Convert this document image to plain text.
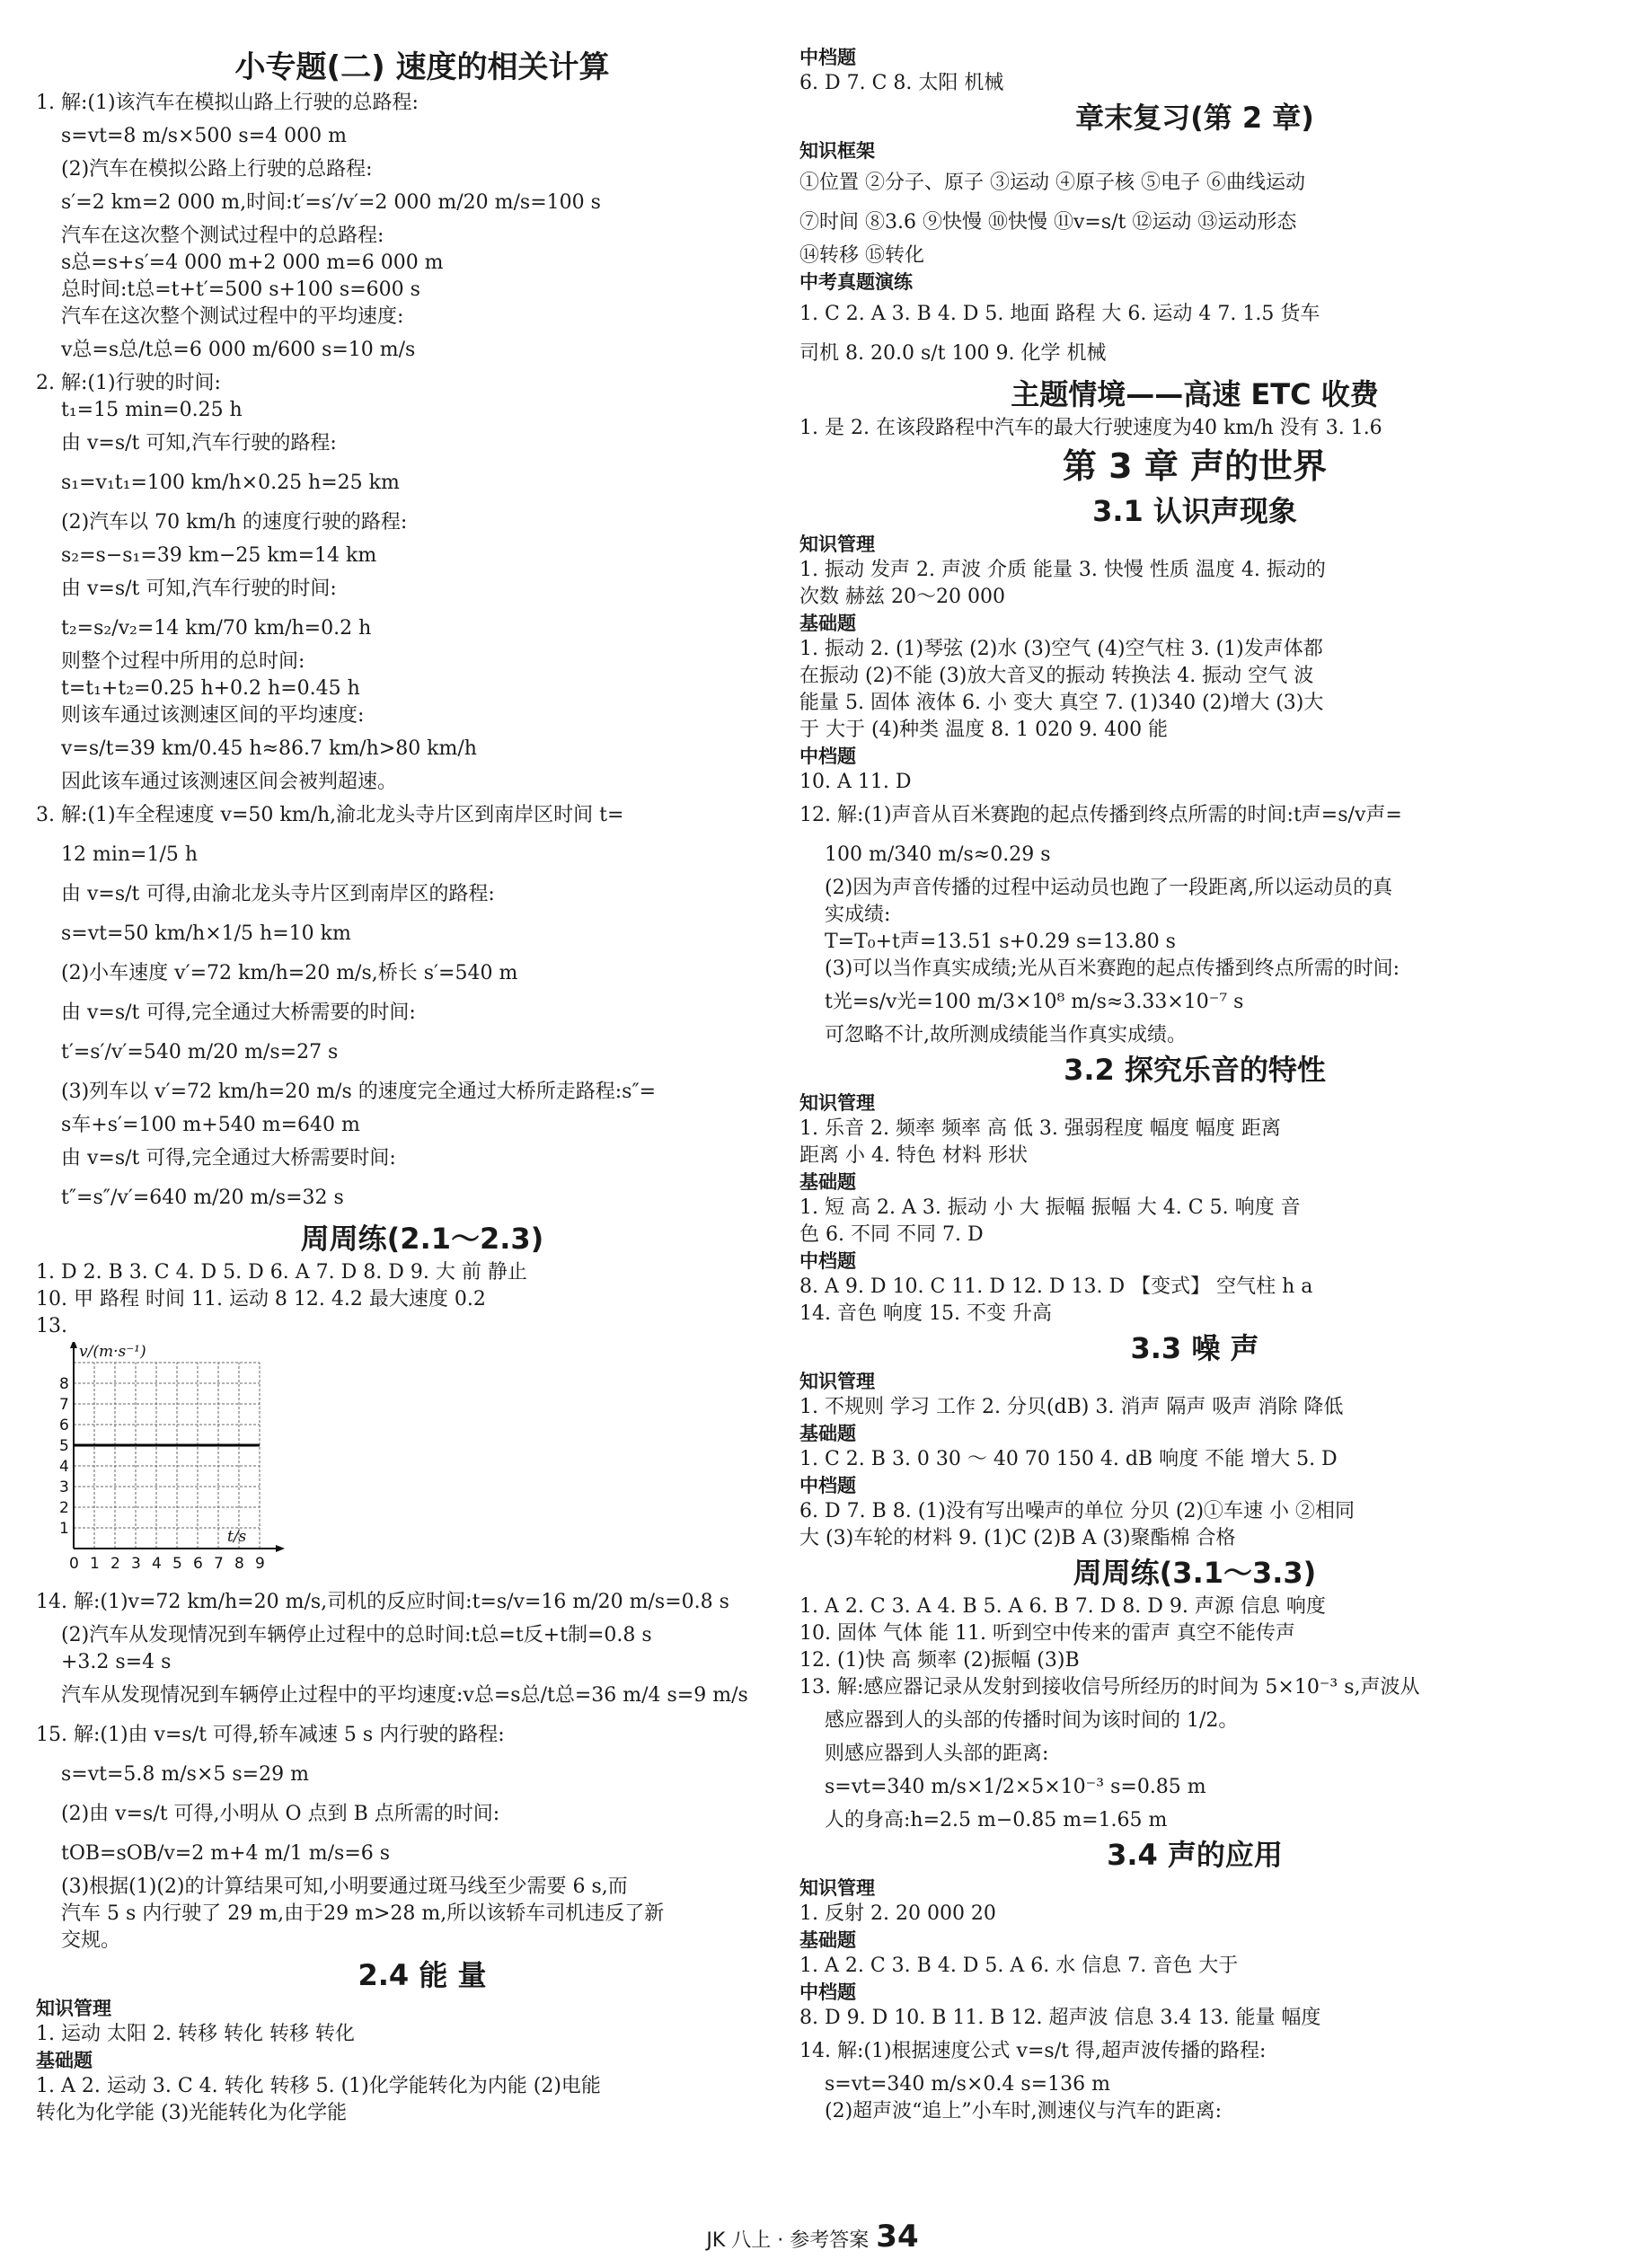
小专题(二) 速度的相关计算
1. 解:(1)该汽车在模拟山路上行驶的总路程:
s=vt=8 m/s×500 s=4 000 m
(2)汽车在模拟公路上行驶的总路程:
s′=2 km=2 000 m,时间:t′=s′/v′=2 000 m/20 m/s=100 s
汽车在这次整个测试过程中的总路程:
s总=s+s′=4 000 m+2 000 m=6 000 m
总时间:t总=t+t′=500 s+100 s=600 s
汽车在这次整个测试过程中的平均速度:
v总=s总/t总=6 000 m/600 s=10 m/s
2. 解:(1)行驶的时间:
t₁=15 min=0.25 h
由 v=s/t 可知,汽车行驶的路程:
s₁=v₁t₁=100 km/h×0.25 h=25 km
(2)汽车以 70 km/h 的速度行驶的路程:
s₂=s−s₁=39 km−25 km=14 km
由 v=s/t 可知,汽车行驶的时间:
t₂=s₂/v₂=14 km/70 km/h=0.2 h
则整个过程中所用的总时间:
t=t₁+t₂=0.25 h+0.2 h=0.45 h
则该车通过该测速区间的平均速度:
v=s/t=39 km/0.45 h≈86.7 km/h>80 km/h
因此该车通过该测速区间会被判超速。
3. 解:(1)车全程速度 v=50 km/h,渝北龙头寺片区到南岸区时间 t=
12 min=1/5 h
由 v=s/t 可得,由渝北龙头寺片区到南岸区的路程:
s=vt=50 km/h×1/5 h=10 km
(2)小车速度 v′=72 km/h=20 m/s,桥长 s′=540 m
由 v=s/t 可得,完全通过大桥需要的时间:
t′=s′/v′=540 m/20 m/s=27 s
(3)列车以 v′=72 km/h=20 m/s 的速度完全通过大桥所走路程:s″=
s车+s′=100 m+540 m=640 m
由 v=s/t 可得,完全通过大桥需要时间:
t″=s″/v′=640 m/20 m/s=32 s
周周练(2.1～2.3)
1. D 2. B 3. C 4. D 5. D 6. A 7. D 8. D 9. 大 前 静止
10. 甲 路程 时间 11. 运动 8 12. 4.2 最大速度 0.2
13.
0 1 2 3 4 5 6 7 8 9
1
2
3
4
5
6
7
8
v/(m·s⁻¹)
t/s
14. 解:(1)v=72 km/h=20 m/s,司机的反应时间:t=s/v=16 m/20 m/s=0.8 s
(2)汽车从发现情况到车辆停止过程中的总时间:t总=t反+t制=0.8 s
+3.2 s=4 s
汽车从发现情况到车辆停止过程中的平均速度:v总=s总/t总=36 m/4 s=9 m/s
15. 解:(1)由 v=s/t 可得,轿车减速 5 s 内行驶的路程:
s=vt=5.8 m/s×5 s=29 m
(2)由 v=s/t 可得,小明从 O 点到 B 点所需的时间:
tOB=sOB/v=2 m+4 m/1 m/s=6 s
(3)根据(1)(2)的计算结果可知,小明要通过斑马线至少需要 6 s,而
汽车 5 s 内行驶了 29 m,由于29 m>28 m,所以该轿车司机违反了新
交规。
2.4 能 量
知识管理
1. 运动 太阳 2. 转移 转化 转移 转化
基础题
1. A 2. 运动 3. C 4. 转化 转移 5. (1)化学能转化为内能 (2)电能
转化为化学能 (3)光能转化为化学能
中档题
6. D 7. C 8. 太阳 机械
章末复习(第 2 章)
知识框架
①位置 ②分子、原子 ③运动 ④原子核 ⑤电子 ⑥曲线运动
⑦时间 ⑧3.6 ⑨快慢 ⑩快慢 ⑪v=s/t ⑫运动 ⑬运动形态
⑭转移 ⑮转化
中考真题演练
1. C 2. A 3. B 4. D 5. 地面 路程 大 6. 运动 4 7. 1.5 货车
司机 8. 20.0 s/t 100 9. 化学 机械
主题情境——高速 ETC 收费
1. 是 2. 在该段路程中汽车的最大行驶速度为40 km/h 没有 3. 1.6
第 3 章 声的世界
3.1 认识声现象
知识管理
1. 振动 发声 2. 声波 介质 能量 3. 快慢 性质 温度 4. 振动的
次数 赫兹 20～20 000
基础题
1. 振动 2. (1)琴弦 (2)水 (3)空气 (4)空气柱 3. (1)发声体都
在振动 (2)不能 (3)放大音叉的振动 转换法 4. 振动 空气 波
能量 5. 固体 液体 6. 小 变大 真空 7. (1)340 (2)增大 (3)大
于 大于 (4)种类 温度 8. 1 020 9. 400 能
中档题
10. A 11. D
12. 解:(1)声音从百米赛跑的起点传播到终点所需的时间:t声=s/v声=
100 m/340 m/s≈0.29 s
(2)因为声音传播的过程中运动员也跑了一段距离,所以运动员的真
实成绩:
T=T₀+t声=13.51 s+0.29 s=13.80 s
(3)可以当作真实成绩;光从百米赛跑的起点传播到终点所需的时间:
t光=s/v光=100 m/3×10⁸ m/s≈3.33×10⁻⁷ s
可忽略不计,故所测成绩能当作真实成绩。
3.2 探究乐音的特性
知识管理
1. 乐音 2. 频率 频率 高 低 3. 强弱程度 幅度 幅度 距离
距离 小 4. 特色 材料 形状
基础题
1. 短 高 2. A 3. 振动 小 大 振幅 振幅 大 4. C 5. 响度 音
色 6. 不同 不同 7. D
中档题
8. A 9. D 10. C 11. D 12. D 13. D 【变式】 空气柱 h a
14. 音色 响度 15. 不变 升高
3.3 噪 声
知识管理
1. 不规则 学习 工作 2. 分贝(dB) 3. 消声 隔声 吸声 消除 降低
基础题
1. C 2. B 3. 0 30 ～ 40 70 150 4. dB 响度 不能 增大 5. D
中档题
6. D 7. B 8. (1)没有写出噪声的单位 分贝 (2)①车速 小 ②相同
大 (3)车轮的材料 9. (1)C (2)B A (3)聚酯棉 合格
周周练(3.1～3.3)
1. A 2. C 3. A 4. B 5. A 6. B 7. D 8. D 9. 声源 信息 响度
10. 固体 气体 能 11. 听到空中传来的雷声 真空不能传声
12. (1)快 高 频率 (2)振幅 (3)B
13. 解:感应器记录从发射到接收信号所经历的时间为 5×10⁻³ s,声波从
感应器到人的头部的传播时间为该时间的 1/2。
则感应器到人头部的距离:
s=vt=340 m/s×1/2×5×10⁻³ s=0.85 m
人的身高:h=2.5 m−0.85 m=1.65 m
3.4 声的应用
知识管理
1. 反射 2. 20 000 20
基础题
1. A 2. C 3. B 4. D 5. A 6. 水 信息 7. 音色 大于
中档题
8. D 9. D 10. B 11. B 12. 超声波 信息 3.4 13. 能量 幅度
14. 解:(1)根据速度公式 v=s/t 得,超声波传播的路程:
s=vt=340 m/s×0.4 s=136 m
(2)超声波“追上”小车时,测速仪与汽车的距离:
JK 八上 · 参考答案 34
